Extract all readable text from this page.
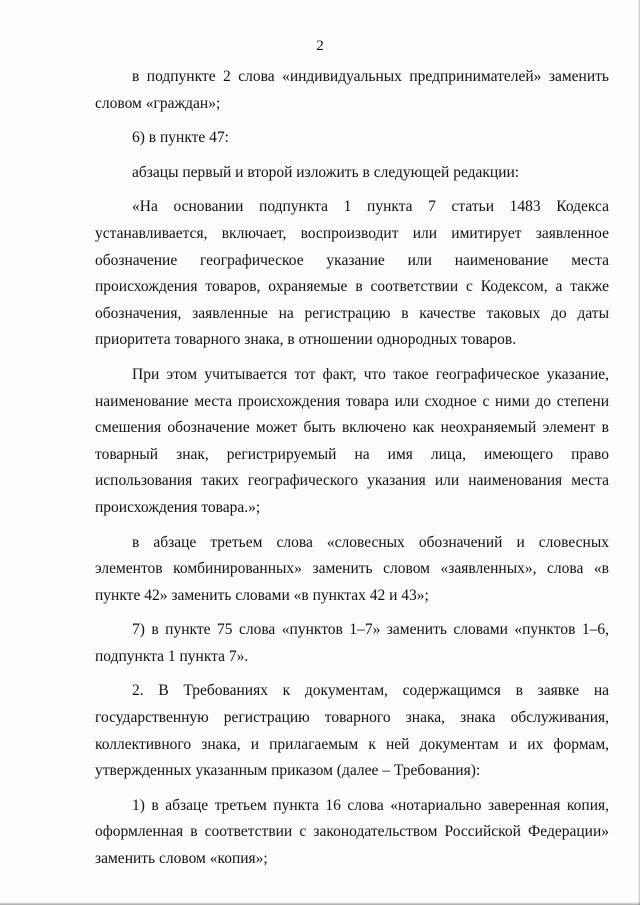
2

в подпункте 2 слова «индивидуальных предпринимателей» заменить словом «граждан»;

6) в пункте 47:

абзацы первый и второй изложить в следующей редакции:

«На основании подпункта 1 пункта 7 статьи 1483 Кодекса устанавливается, включает, воспроизводит или имитирует заявленное обозначение географическое указание или наименование места происхождения товаров, охраняемые в соответствии с Кодексом, а также обозначения, заявленные на регистрацию в качестве таковых до даты приоритета товарного знака, в отношении однородных товаров.

При этом учитывается тот факт, что такое географическое указание, наименование места происхождения товара или сходное с ними до степени смешения обозначение может быть включено как неохраняемый элемент в товарный знак, регистрируемый на имя лица, имеющего право использования таких географического указания или наименования места происхождения товара.»;

в абзаце третьем слова «словесных обозначений и словесных элементов комбинированных» заменить словом «заявленных», слова «в пункте 42» заменить словами «в пунктах 42 и 43»;

7) в пункте 75 слова «пунктов 1–7» заменить словами «пунктов 1–6, подпункта 1 пункта 7».

2. В Требованиях к документам, содержащимся в заявке на государственную регистрацию товарного знака, знака обслуживания, коллективного знака, и прилагаемым к ней документам и их формам, утвержденных указанным приказом (далее – Требования):

1) в абзаце третьем пункта 16 слова «нотариально заверенная копия, оформленная в соответствии с законодательством Российской Федерации» заменить словом «копия»;
